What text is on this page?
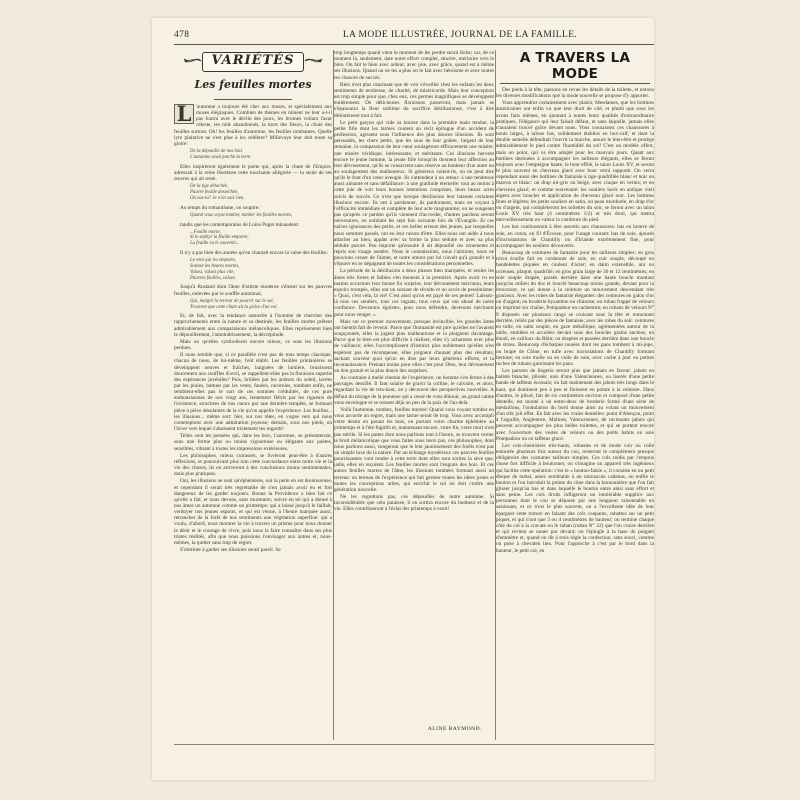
478	LA MODE ILLUSTRÉE, JOURNAL DE LA FAMILLE.
VARIÉTÉS
Les feuilles mortes
L 'automne a toujours été cher aux muses, et spécialement aux muses élégiaques. Combien de thèmes en mineur ne leur a-t-il pas fourni avec le déclin des jours, les brumes voilant l'azur céleste, les nids abandonnés, la mort des fleurs, la chute des feuilles surtout. Oh! les feuilles d'automne, les feuilles tombantes. Quelle lyre plaintive ne s'est plue à les célébrer? Millevoye leur doit toute sa gloire:

De la dépouille de nos bois
L'automne avait jonché la terre.

Elles inspirèrent également le poète qui, après la chute de l'Empire, adressait à la reine Hortense cette touchante allégorie — la seule de ses œuvres qui ait resté.

De la tige détachée,
Pauvre feuille desséchée,
Où vas-tu? Je n'en sais rien.

Au temps du romantisme, on soupire:

Quand vous voyez tomber, tomber les feuilles mortes,

tandis que les contemporains de Loïsa Puget minaudent:

...Feuille morte,
Si le zéphyr la feuille emporte,
La feuille va le souvenir...

Il n'y a pas bien des années qu'on chantait encore la valse des feuilles:

Le vent qui les emporte,
Sonnez les heures mortes,
Valsez, valsez plus vite,
Pauvres feuilles, valsez.

Jusqu'à Rostand dont l'âme d'artiste moderne s'émeut sur les pauvres feuilles, enlevées par le souffle automnal,

Qui, malgré la terreur de pourrir sur le sol,
Trouvent que cette chute ait la grâce d'un vol.

Et, de fait, avec la tendance naturelle à l'homme de chercher des rapprochements entre la nature et sa destinée, les feuilles mortes prêtent admirablement aux comparaisons mélancoliques. Elles représentent bien le dépouillement, l'amoindrissement, la décrépitude.

Mais on qu'elles symbolisent encore mieux, ce sont les illusions perdues.

Il nous semble que, si ce parallèle n'est pas de tous temps classique, chacun de nous, de lui-même, l'eût établi. Les feuilles printanières se développent neuves et fraîches, baignées de lumière, brunissent doucement aux souffles d'avril, se rappellent-elles pas la floraison superbe des espérances juvéniles? Puis, brûlées par les ardeurs du soleil, lavées par les pluies, battues par les vents, fanées, racornies, tombant enfin, ne semblent-elles pas le sort de ces sommes crédulités, de ces pure enthousiasmes de nos vingt ans, lentement flétris par les rigueurs de l'existence, arrachées de nos cœurs par une dernière tempête, se formant pièce à pièce désolantes de la vie qu'on appelle l'expérience. Les feuilles... les illusions... même sort: hier, sur nos têtes, en vogue vers qui nous contemplons avec une admiration joyeuse; demain, sous nos pieds, où l'hiver vers lequel s'abaissent tristement les regards!

Telles sont les pensées qui, dans les bois, l'automne, se présenteront, sous une forme plus ou moins vigoureuse ou élégante aux poètes, sensibles, vibrant à toutes les impressions extérieures.

Les philosophes, mieux cuirassés, se livreront peut-être à d'autres réflexions, et poursuivant plus loin cette concordance entre notre vie et la vie des choses, ils en arriveront à des conclusions moins sentimentales, mais plus pratiques.

Oui, les illusions ne sont qu'éphémères, oui la perte en est douloureuse, et cependant il serait très regrettable de n'en jamais avoir eu et fort dangereux de les garder toujours. Bonne la Providence a bien fait ce qu'elle a fait, et nous devons, sans murmurer, suivre en tel qui a donné à nos âmes un automne comme un printemps: qui a laissé jusqu'à le faillait, verdoyer nos jeunes espoirs, et qui est venue, à l'heure marquée aussi, retrancher de la forêt de nos sentiments une végétation superflue: qui a voulu, d'abord, nous montrer la vie à travers un prisme pour nous donner le désir et le courage de vivre, puis nous la faire connaître dans ses plus tristes réalités, afin que nous puissions l'envisager aux autres et, nous-mêmes, la quitter sans trop de regret.

S'obstiner à garder ses illusions serait pareil. Se

trop longtemps quand vient le moment de les perdre serait lâche; car, de ce moment là, seulement, date notre effort complet, sincère, méritoire vers le bien. On fait le bien avec ardeur, avec joie, avec grâce, quand est à même ses illusions. Quand on ne les a plus on le fait avec héroïsme et avec toutes les chances de succès.

Rien n'est plus charmant que de voir s'éveiller chez les enfants les deux sentiments de tendresse, de charité, de miséricorde. Mais leur conception est trop simple pour que, chez eux, ces germes magnifiques se développent entièrement. De délicieuses floraisons passeront, mais jamais se s'épanouira la fleur sublime du sacrifice désillusionné, c'est à dire désintéressé tout à fait.

Le petit garçon qui vide sa bourse dans la première main tendue, la petite fille dont les larmes coulent au récit épilogue d'un accident de profession, agissent sous l'influence des plus douces illusions. Ils sont persuadés, les chers petits, que les sous de leur goûter, l'argent de leur semaine, la compassion de leur cœur soulageront efficacement une misère: une misère véridique, intéressante, et méritante. Ces illusions hervent encore le jeune homme, la jeune fille lorsqu'ils donnent leur affection au leur dévouement, qu'ils se consacrent sans réserve au bonheur d'un autre ou au soulagement des malheureux. Si généreux soient-ils, on ne peut dire qu'ils le font d'un cœur aveugle. Ils s'attendent à un retour: à une tendresse aussi aimante et sans défaillance: à une gratitude éternelle: tout au moins à cette joie de voir leurs bonnes intentions comprises, leurs beaux actes suivis de succès. Ce n'est que lorsque désillusion leur laissent certaines illusions encore. Ils ont à pardonner, ils pardonnent, mais en voyant à l'efficacité immédiate et complète de leur acte magnanime; ou ne songeant pas qu'après ce pardon qu'ils viennent d'accorder, d'autres pardons seront nécessaires, en oubliant les sept fois soixante fois de l'Évangile. Et ces naïves ignorances des petits, et ces belles erreurs des jeunes, par lesquelles nous sommes passés, ont eu leur raison d'être. Elles nous ont aidés à nous attacher au bien, appâts avec sa forme la plus séduite et avec sa plus séduite parure. Peu importe qu'ensuite il ait dépouillé ces ornements et repris son visage austère. Nous le connaissions, nous l'aimions, nous ne pouvions cesser de l'aimer, et notre amour pur lui n'avait qu'à grandir et à s'épurer en se dégageant de toutes les considérations personnelles.

La période de la désillusion a deux phases bien marquées, et seules les âmes très fortes et faibles s'en tiennent à la première. Après avoir vu en maints occasions leur bonne foi surprise, leur dévouement méconnu, leurs espoirs trompés, elles ont un sursaut de révolte et un accès de pessimisme: « Quoi, c'est cela, la vie! C'est ainsi qu'on est payé de ses peines! Laissez-là tous ces sentiers, tous ces ingrats, tous ceux qui ont abusé de notre confiance. Devenons égoïstes, pour nous défendre, devenons méchants pour nous venger. »

Mais sur ce premier mouvement, presque invincible, les grandes âmes ont bientôt fait de revenir. Parce que l'humanité est pire qu'elles ne l'avaient soupçonnée, elles la jugent plus malheureuse et la plaignent davantage. Parce que le bien est plus difficile à réaliser, elles s'y acharnent avec plus de vaillance; elles l'accomplissent d'instinct plus noblement qu'elles n'en espèrent pas de récompense, elles joignent d'autant plus des résultats, sachant souvent quoi qu'on en dise par leurs généreux efforts, et la reconnaissance. Prenant moins pour elles c'est pour Dieu, leur dévouement un don gratuit et la plus douce des surprises.

Au contraire à mellé chemin de l'expérience, un homme s'en ferme à des paysages dessillé. Il faut solaire de gravir la colline, le calvaire, et alors, regardant la vie de très-haut, on y découvre des perspectives nouvelles. A défaut du mirage de la jeunesse qui a cessé de vous éblouir, un grand calme vous enveloppe et se ressent déjà un peu de la paix de l'au-delà.

Voilà l'automne, tombez, feuilles mortes! Quand vous voyant tomber en vous accorde un regret, mais une larme serait de trop. Vous avez accompli votre destin en parant les bois, en portant votre charme éphémère au printemps et à l'été fugitifs et, maintenant encore, votre fin, votre mort n'est pas stérile. Si les pattes dont nous parlions tout à l'heure, se trouvent cerner le bruit mélancolique que vous faites sous leurs pas, ces philosophes, dont nous parlions aussi, songeront que le lent jaunissement des forêts n'est pas un simple luxe de la nature. Par un échange mystérieux ces pauvres feuilles pourrissantes vont rendre à cette terre dont elles sont sorties la sève que, jadis, elles en reçurent. Les feuilles mortes sont l'engrais des bois. Et ces autres feuilles mortes de l'âme, les illusions tombées formant aussi un terreau: un terreau de l'expérience qui fait germer toutes les idées justes et toutes les conceptions utiles, qui enrichit le sol où doit croître une génération nouvelle.

Ne les regrettons pas, ces dépouilles de notre automne. Si inconsidérable que cela paraisse, il en sortira encore du bonheur et de la vie. Elles contribueront à l'éclat des printemps à venir!

ALINE RAYMOND.
A TRAVERS LA MODE

Des pieds à la tête, passons en revue les détails de la toilette, et notons les diverses modifications que la mode nouvelle se propose d'y apporter.

Vous apprendrez certainement avec plaisir, Mesdames, que les bottines américaines ont enfin vu que leur droit de cité, et plutôt que sous les avons faits mêmes, en ajoutant à toutes leurs qualités d'extraordinaire pratiques, l'élégance qui leur faisait défaut, et sans laquelle, jamais elles n'auraient trouvé grâce devant nous. Vous connaissez ces chaussures à bouts larges, à talons bas, solidement établies en box-calf, et dont la double semelle défendrait l'ouvrir la marche, assure le bien-être et protège admirablement le pied contre l'humidité du sol! C'est un modèle offert, mais on point, qui va être adopté pour les mauvais jours. Quant aux bottines destinées à accompagner les tailleurs élégants, elles se feront toujours avec l'empeigne haute, le bout effilé, le talon Louis XV, et seront le plus souvent en chevreau glacé avec bout verni rapporté. On verra cependant aussi des bottines de fantaisie à tige quadrillée blanc et noir ou marron et blanc: un drap mi-gris ou beige, avec claque en vernis; et en chevreau glacé; et comme nouveauté: les souliers lacés en antique vieil argent avec boucles et application de chevreau glacé noir. Les bottines fines et légères; les petits souliers en satin, ou peau mordorée, en drap d'or ou d'argent, qui compléteront les toilettes du soir, se feront avec un talon Louis XV très haut (4 centimètres 1/2) et très droit, qui mettra merveilleusement en valeur la cambrure du pied.

Les bas continueront à être assortis aux chaussures: bas en bourre de soie, en coton, en fil d'Écosse, pour l'usage courant: bas de soie, ajourés d'incrustations de Chantilly ou d'Irlande extrêmement fine, pour accompagner les souliers découverts.

Beaucoup de ceintures de fantaisie pour les tailleurs simples: en gros tricot écaille fait en cordonnet de soie, en cuir souple, découpé en bandelettes piquées en couleur d'acier; en daim extensible, uni ou ocreuses, plaqué, quadrillé; en gros grain large de 30 et 12 centimètres; en soie souple drapée, passée derrière dans une haute boucle montant jusqu'au milieu du dos et bouclé beaucoup moins grande, devant pour la brouxture, ce qui donne à la ceinture un mouvement descendant très gracieux. Avec les robes de fantaisie élégantes: des ceintures en galon d'or ou d'argent; en broderie byzantine ou chinoise; en ruban frappé de velours ou imprimé sur chaîne, Pompadour en cachemire; en rubans de velours N° 9 disposés sur plusieurs rangs se croisant sous la tête et remontant derrière, reliés par des pièces de fantaisie; avec les robes du soir: ceintures en tulle, en satin souple, en gaze métallique, agrémentées autour de la taille, emblées et accolées devant sous des boucles grains anciens, en émail, en cailloux du Rhin; ou drapées et passées derrière dans une boucle de strass. Beaucoup d'écharpes nouées dont les pans tombent à mi-jupe, ou brape de Chine, en tulle avec incrustations de Chantilly formant bertune; en soie molle ou en voile de soie, avec cache à jour ou petites ruches de rubans garnissant les pans.

Les parures de lingerie seront plus que jamais en faveur: jabots en batiste blanche, plissés; unis d'une Valenciennes, ou liserés d'une petite bande de taffetas écossais; on fait maintenant des jabots très longs dans le haut, qui dominent peu à peu et finissent en pointe à la ceinture. Dans d'autres, le plissé, fait de six centimètres environ et composé d'une petite dentelle, est monté à un entre-deux de broderie formé d'une série de médaillons, l'ondulation du bord donne ainsi au volant un mouvement d'un très joli effet. En fait avec les vraies dentelles: point d'Alençon, point à l'aiguille, Angleterre, Malines, Valenciennes, de ravissants jabots qui peuvent accompagner les plus belles toilettes, et qui se portent encore avec l'ouverture des vestes de velours ou des petits habits en soie Pompadour ou en taffetas glacé.

Les cols-chemisiers très-hauts, robustes et de mode voir ou colle entourée plusieurs fois autour du cou, resteront le complément presque obligatoire des costumes tailleurs simples. Ces cols roidis par l'empois chose fort difficile à boutonner, on s'imagine un appareil très ingénieux qui facilite cette opération: c'est le « bouton-faisle »; il consiste en un petit disque de métal, assez semblable à un minuscule cadenas, on enfile le bouton et l'on introduit la pointe du cône dans la boutonnière que l'on fait glisser jusqu'au bas et dans laquelle le bouton entre ainsi sans effort et sans peine. Les cols droits infligeront un intolérable supplice aux personnes dont le cou se dépasse par une longueur raisonnable en saisissant, et ce n'est le plus souvent, on a l'excellente idée de leur épargner cette torture en faisant des cols coupants, rabattus sur un petit piquet, et qui n'ont que 3 ou 4 centimètres de hauteur; on termine chaque côté du col à la cravate ou le ruban (ruban N° 22) que l'on croise derrière et qui revient se nouer par devant; on l'épingle à la base du poignet d'emmètre et, quand on dit à trois règle la confection, sans souci, comme on pose à chevalen lien. Pour l'approche à c'est par le bord dans la hauteur, le petit col, en
